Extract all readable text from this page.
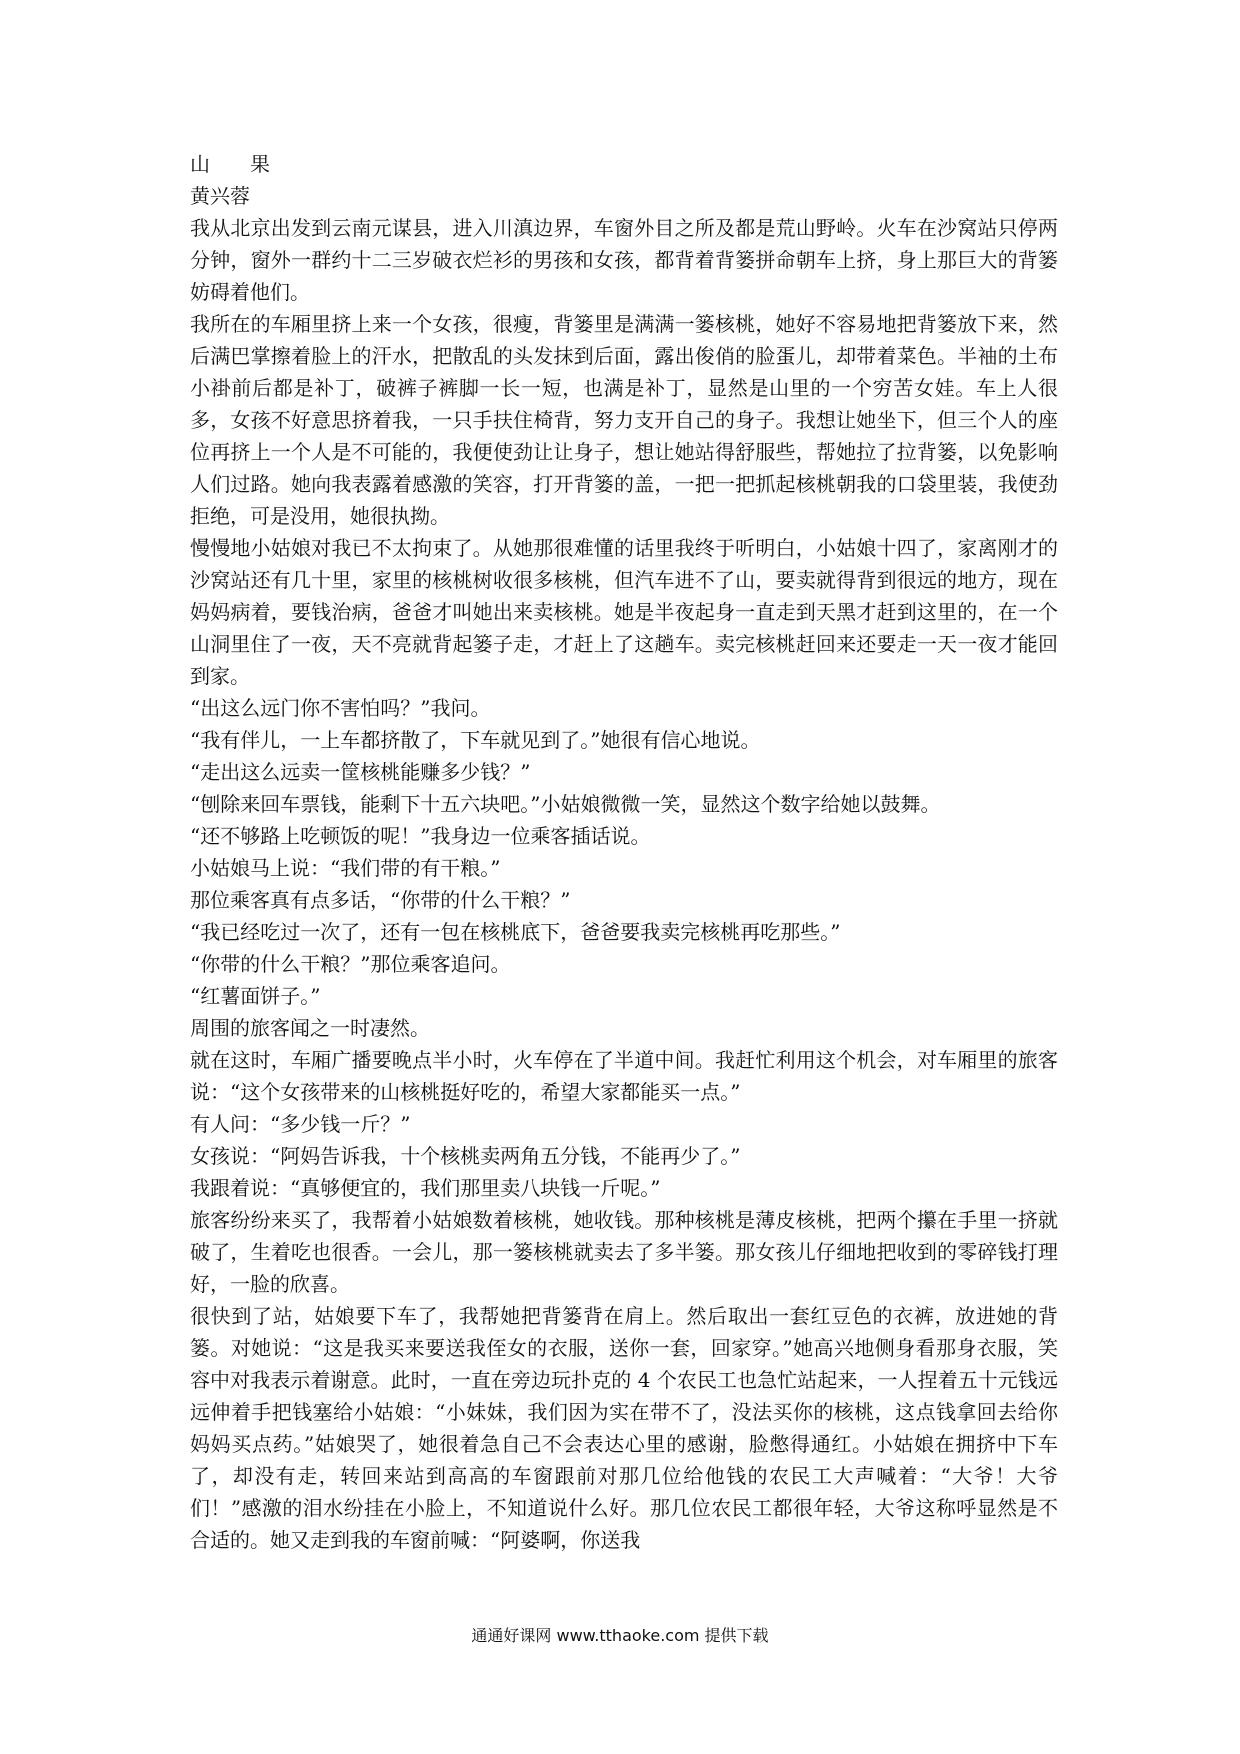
山 果
黄兴蓉

我从北京出发到云南元谋县，进入川滇边界，车窗外目之所及都是荒山野岭。火车在沙窝站只停两分钟，窗外一群约十二三岁破衣烂衫的男孩和女孩，都背着背篓拼命朝车上挤，身上那巨大的背篓妨碍着他们。

我所在的车厢里挤上来一个女孩，很瘦，背篓里是满满一篓核桃，她好不容易地把背篓放下来，然后满巴掌擦着脸上的汗水，把散乱的头发抹到后面，露出俊俏的脸蛋儿，却带着菜色。半袖的土布小褂前后都是补丁，破裤子裤脚一长一短，也满是补丁，显然是山里的一个穷苦女娃。车上人很多，女孩不好意思挤着我，一只手扶住椅背，努力支开自己的身子。我想让她坐下，但三个人的座位再挤上一个人是不可能的，我便使劲让让身子，想让她站得舒服些，帮她拉了拉背篓，以免影响人们过路。她向我表露着感激的笑容，打开背篓的盖，一把一把抓起核桃朝我的口袋里装，我使劲拒绝，可是没用，她很执拗。

慢慢地小姑娘对我已不太拘束了。从她那很难懂的话里我终于听明白，小姑娘十四了，家离刚才的沙窝站还有几十里，家里的核桃树收很多核桃，但汽车进不了山，要卖就得背到很远的地方，现在妈妈病着，要钱治病，爸爸才叫她出来卖核桃。她是半夜起身一直走到天黑才赶到这里的，在一个山洞里住了一夜，天不亮就背起篓子走，才赶上了这趟车。卖完核桃赶回来还要走一天一夜才能回到家。

“出这么远门你不害怕吗？”我问。

“我有伴儿，一上车都挤散了，下车就见到了。”她很有信心地说。

“走出这么远卖一筐核桃能赚多少钱？”

“刨除来回车票钱，能剩下十五六块吧。”小姑娘微微一笑，显然这个数字给她以鼓舞。

“还不够路上吃顿饭的呢！”我身边一位乘客插话说。

小姑娘马上说：“我们带的有干粮。”

那位乘客真有点多话，“你带的什么干粮？”

“我已经吃过一次了，还有一包在核桃底下，爸爸要我卖完核桃再吃那些。”

“你带的什么干粮？”那位乘客追问。

“红薯面饼子。”

周围的旅客闻之一时凄然。

就在这时，车厢广播要晚点半小时，火车停在了半道中间。我赶忙利用这个机会，对车厢里的旅客说：“这个女孩带来的山核桃挺好吃的，希望大家都能买一点。”

有人问：“多少钱一斤？”

女孩说：“阿妈告诉我，十个核桃卖两角五分钱，不能再少了。”

我跟着说：“真够便宜的，我们那里卖八块钱一斤呢。”

旅客纷纷来买了，我帮着小姑娘数着核桃，她收钱。那种核桃是薄皮核桃，把两个攥在手里一挤就破了，生着吃也很香。一会儿，那一篓核桃就卖去了多半篓。那女孩儿仔细地把收到的零碎钱打理好，一脸的欣喜。

很快到了站，姑娘要下车了，我帮她把背篓背在肩上。然后取出一套红豆色的衣裤，放进她的背篓。对她说：“这是我买来要送我侄女的衣服，送你一套，回家穿。”她高兴地侧身看那身衣服，笑容中对我表示着谢意。此时，一直在旁边玩扑克的 4 个农民工也急忙站起来，一人捏着五十元钱远远伸着手把钱塞给小姑娘：“小妹妹，我们因为实在带不了，没法买你的核桃，这点钱拿回去给你妈妈买点药。”姑娘哭了，她很着急自己不会表达心里的感谢，脸憋得通红。小姑娘在拥挤中下车了，却没有走，转回来站到高高的车窗跟前对那几位给他钱的农民工大声喊着：“大爷！大爷们！”感激的泪水纷挂在小脸上，不知道说什么好。那几位农民工都很年轻，大爷这称呼显然是不合适的。她又走到我的车窗前喊：“阿婆啊，你送我

通通好课网 www.tthaoke.com 提供下载
